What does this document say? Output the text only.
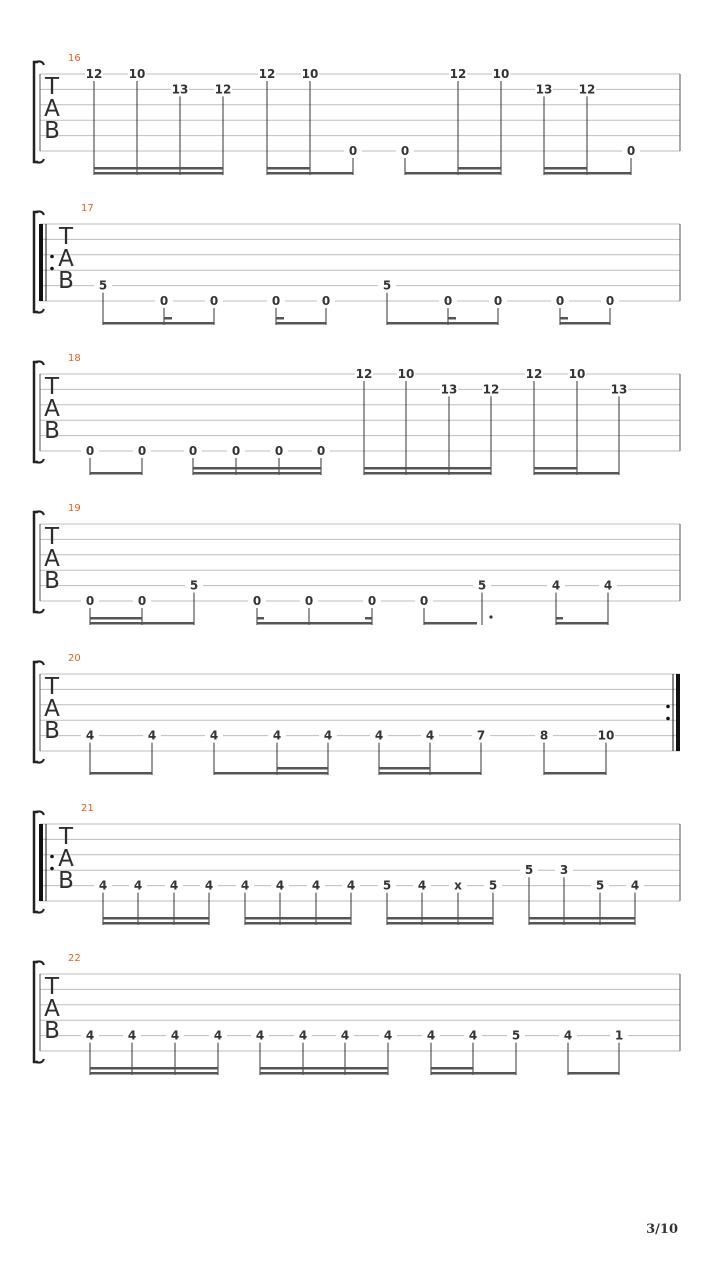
T
A
B
16
12 10
13 12
12 10
0	0
12 10
13 12
0
T
A
B
17
5
0	0	0	0
5
0	0	0	0
T
A
B
18
0	0	0	0	0	0
12 10
13 12
12 10
13
T
A
B
19
0	0
5
0	0	0	0
5	4	4
T
A
B
20
4	4	4	4	4	4	4	7	8	10
T
A
B
21
4 4 4 4 4 4 4 4 5 4 x 5
5 3
5 4
T
A
B
22
4	4	4	4	4	4	4	4	4	4	5	4	1
3/10
